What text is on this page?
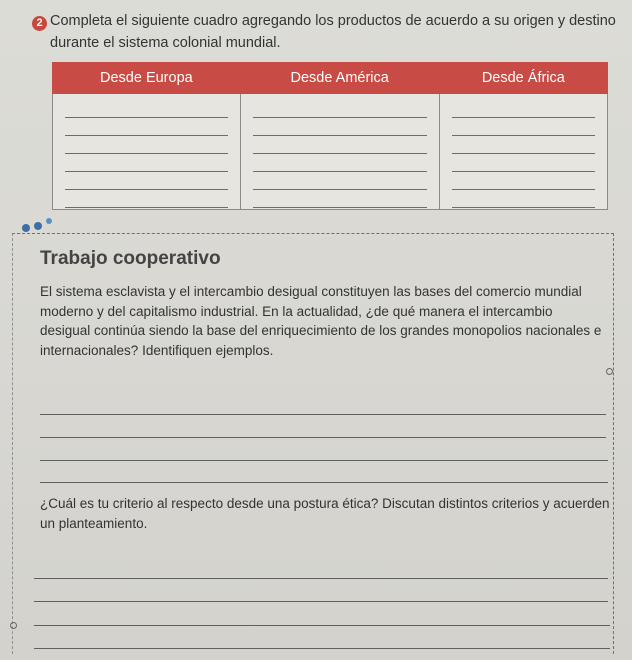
2 Completa el siguiente cuadro agregando los productos de acuerdo a su origen y destino durante el sistema colonial mundial.
Desde Europa	Desde América	Desde África

Trabajo cooperativo
El sistema esclavista y el intercambio desigual constituyen las bases del comercio mundial moderno y del capitalismo industrial. En la actualidad, ¿de qué manera el intercambio desigual continúa siendo la base del enriquecimiento de los grandes monopolios nacionales e internacionales? Identifiquen ejemplos.
¿Cuál es tu criterio al respecto desde una postura ética? Discutan distintos criterios y acuerden un planteamiento.
